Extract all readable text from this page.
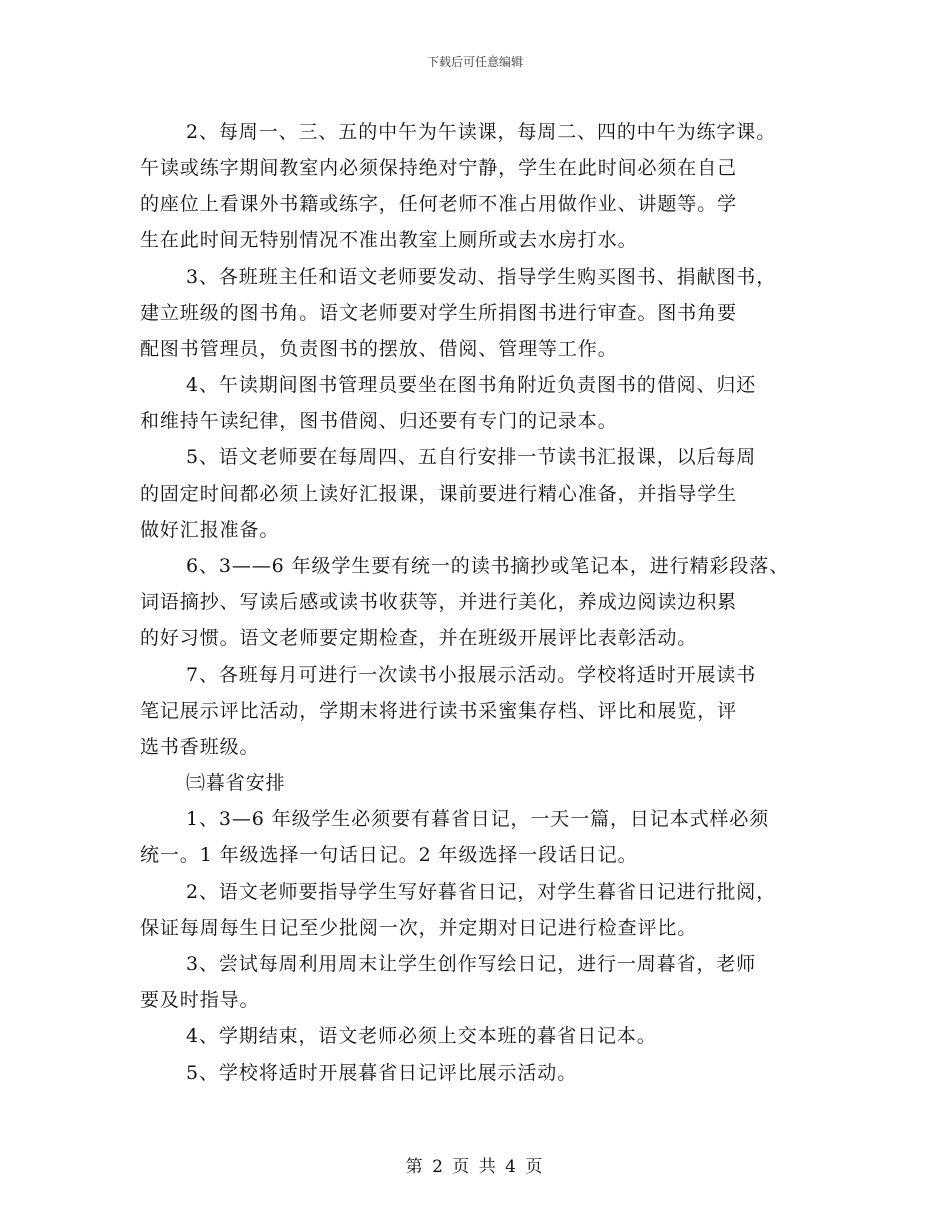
下载后可任意编辑
2、每周一、三、五的中午为午读课，每周二、四的中午为练字课。
午读或练字期间教室内必须保持绝对宁静，学生在此时间必须在自己
的座位上看课外书籍或练字，任何老师不准占用做作业、讲题等。学
生在此时间无特别情况不准出教室上厕所或去水房打水。
3、各班班主任和语文老师要发动、指导学生购买图书、捐献图书，
建立班级的图书角。语文老师要对学生所捐图书进行审查。图书角要
配图书管理员，负责图书的摆放、借阅、管理等工作。
4、午读期间图书管理员要坐在图书角附近负责图书的借阅、归还
和维持午读纪律，图书借阅、归还要有专门的记录本。
5、语文老师要在每周四、五自行安排一节读书汇报课，以后每周
的固定时间都必须上读好汇报课，课前要进行精心准备，并指导学生
做好汇报准备。
6、3——6 年级学生要有统一的读书摘抄或笔记本，进行精彩段落、
词语摘抄、写读后感或读书收获等，并进行美化，养成边阅读边积累
的好习惯。语文老师要定期检查，并在班级开展评比表彰活动。
7、各班每月可进行一次读书小报展示活动。学校将适时开展读书
笔记展示评比活动，学期末将进行读书采蜜集存档、评比和展览，评
选书香班级。
㈢暮省安排
1、3—6 年级学生必须要有暮省日记，一天一篇，日记本式样必须
统一。1 年级选择一句话日记。2 年级选择一段话日记。
2、语文老师要指导学生写好暮省日记，对学生暮省日记进行批阅，
保证每周每生日记至少批阅一次，并定期对日记进行检查评比。
3、尝试每周利用周末让学生创作写绘日记，进行一周暮省，老师
要及时指导。
4、学期结束，语文老师必须上交本班的暮省日记本。
5、学校将适时开展暮省日记评比展示活动。
第 2 页 共 4 页
